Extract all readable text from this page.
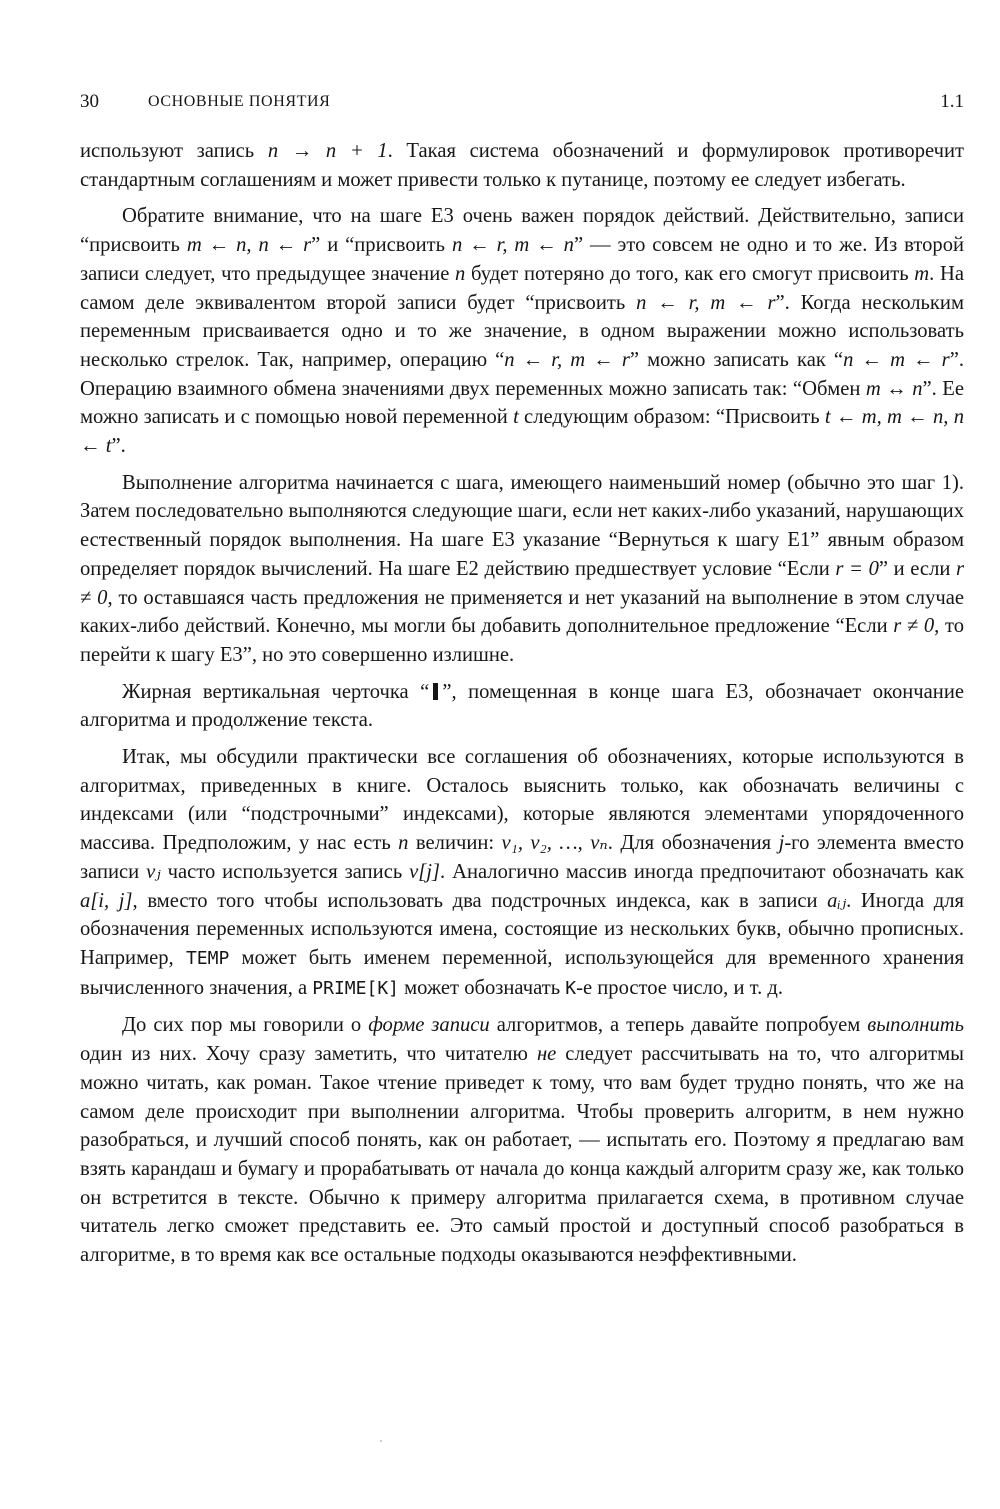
30	ОСНОВНЫЕ ПОНЯТИЯ	1.1

используют запись n → n + 1. Такая система обозначений и формулировок противоречит стандартным соглашениям и может привести только к путанице, поэтому ее следует избегать.

Обратите внимание, что на шаге E3 очень важен порядок действий. Действительно, записи “присвоить m ← n, n ← r” и “присвоить n ← r, m ← n” — это совсем не одно и то же. Из второй записи следует, что предыдущее значение n будет потеряно до того, как его смогут присвоить m. На самом деле эквивалентом второй записи будет “присвоить n ← r, m ← r”. Когда нескольким переменным присваивается одно и то же значение, в одном выражении можно использовать несколько стрелок. Так, например, операцию “n ← r, m ← r” можно записать как “n ← m ← r”. Операцию взаимного обмена значениями двух переменных можно записать так: “Обмен m ↔ n”. Ее можно записать и с помощью новой переменной t следующим образом: “Присвоить t ← m, m ← n, n ← t”.

Выполнение алгоритма начинается с шага, имеющего наименьший номер (обычно это шаг 1). Затем последовательно выполняются следующие шаги, если нет каких-либо указаний, нарушающих естественный порядок выполнения. На шаге E3 указание “Вернуться к шагу E1” явным образом определяет порядок вычислений. На шаге E2 действию предшествует условие “Если r = 0” и если r ≠ 0, то оставшаяся часть предложения не применяется и нет указаний на выполнение в этом случае каких-либо действий. Конечно, мы могли бы добавить дополнительное предложение “Если r ≠ 0, то перейти к шагу E3”, но это совершенно излишне.

Жирная вертикальная черточка “ ”, помещенная в конце шага E3, обозначает окончание алгоритма и продолжение текста.

Итак, мы обсудили практически все соглашения об обозначениях, которые используются в алгоритмах, приведенных в книге. Осталось выяснить только, как обозначать величины с индексами (или “подстрочными” индексами), которые являются элементами упорядоченного массива. Предположим, у нас есть n величин: v₁, v₂, …, vₙ. Для обозначения j-го элемента вместо записи vⱼ часто используется запись v[j]. Аналогично массив иногда предпочитают обозначать как a[i, j], вместо того чтобы использовать два подстрочных индекса, как в записи aᵢⱼ. Иногда для обозначения переменных используются имена, состоящие из нескольких букв, обычно прописных. Например, TEMP может быть именем переменной, использующейся для временного хранения вычисленного значения, а PRIME[K] может обозначать K-е простое число, и т. д.

До сих пор мы говорили о форме записи алгоритмов, а теперь давайте попробуем выполнить один из них. Хочу сразу заметить, что читателю не следует рассчитывать на то, что алгоритмы можно читать, как роман. Такое чтение приведет к тому, что вам будет трудно понять, что же на самом деле происходит при выполнении алгоритма. Чтобы проверить алгоритм, в нем нужно разобраться, и лучший способ понять, как он работает, — испытать его. Поэтому я предлагаю вам взять карандаш и бумагу и прорабатывать от начала до конца каждый алгоритм сразу же, как только он встретится в тексте. Обычно к примеру алгоритма прилагается схема, в противном случае читатель легко сможет представить ее. Это самый простой и доступный способ разобраться в алгоритме, в то время как все остальные подходы оказываются неэффективными.
